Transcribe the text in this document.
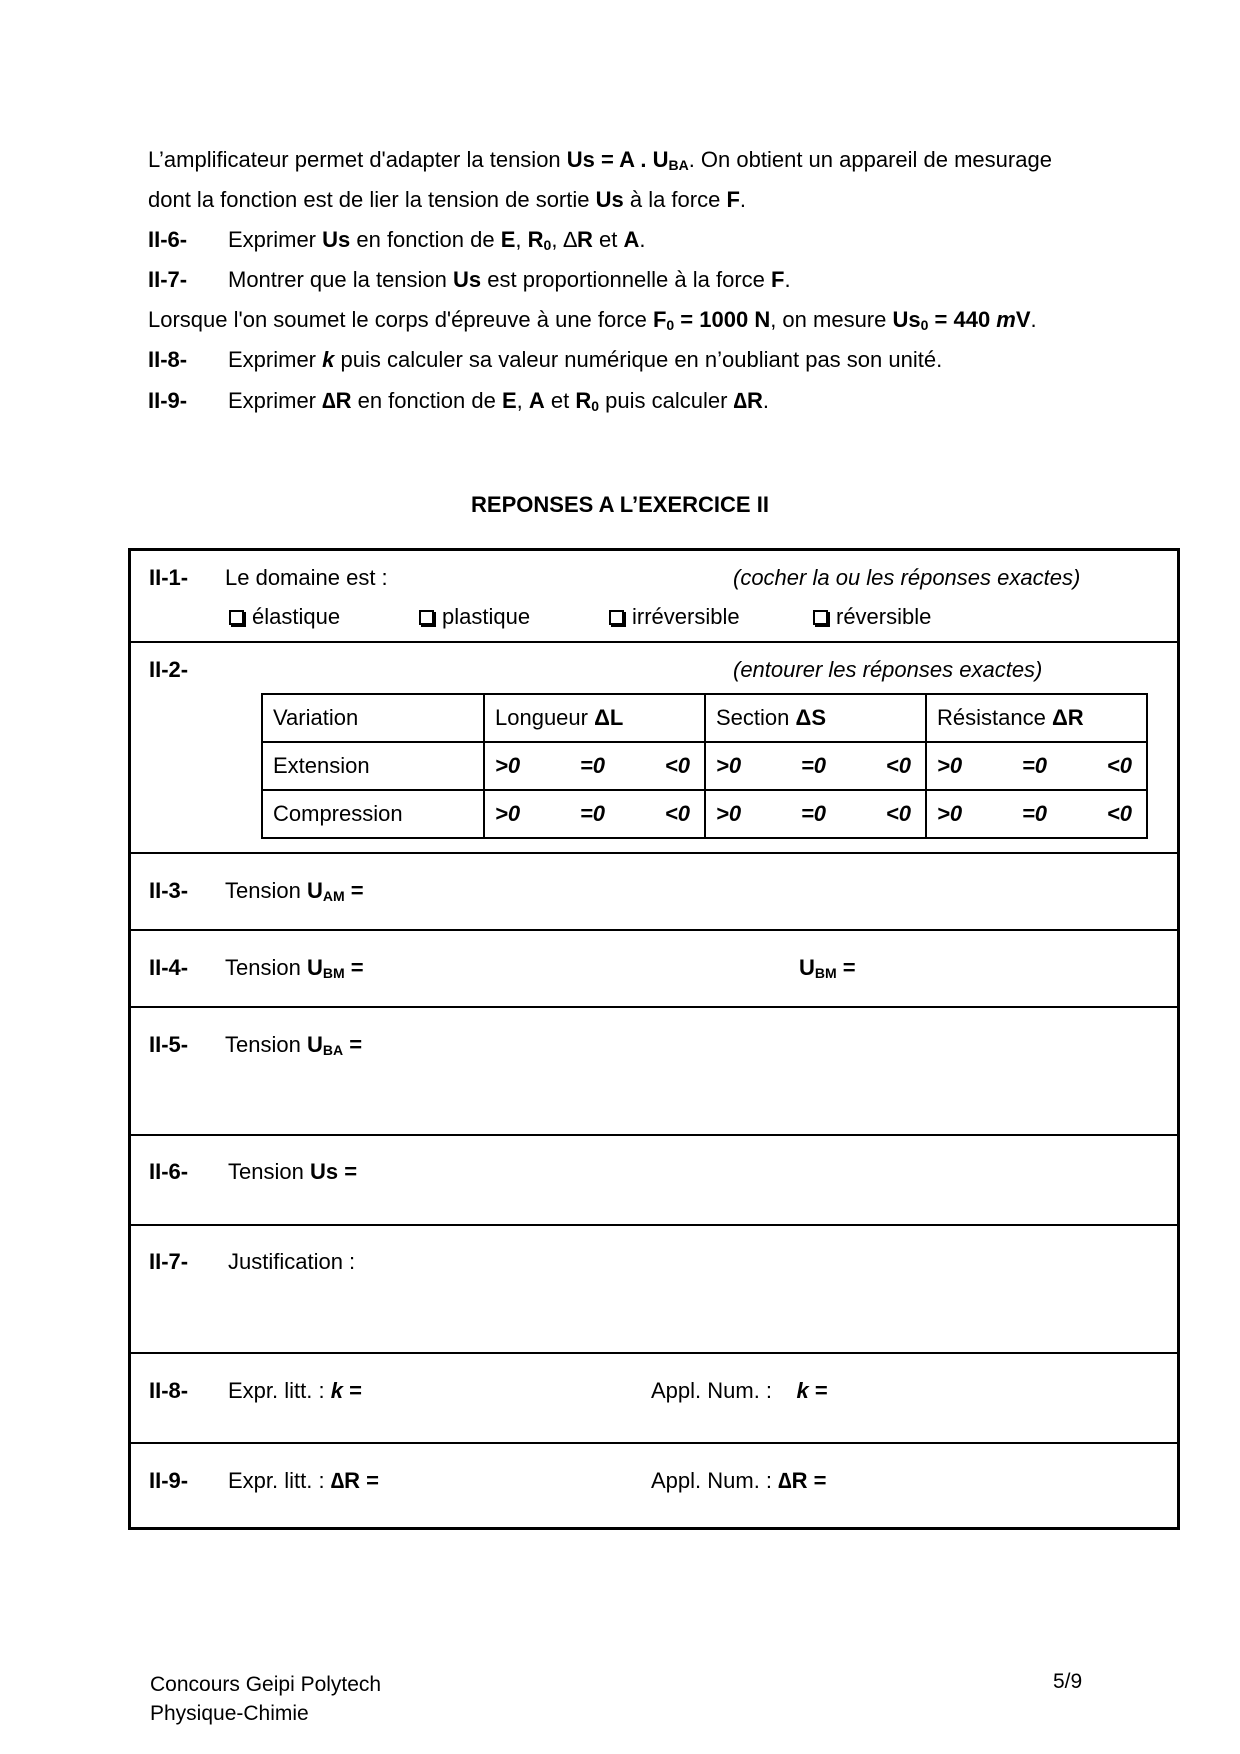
L’amplificateur permet d'adapter la tension Us = A . $U_{BA}$. On obtient un appareil de mesurage
dont la fonction est de lier la tension de sortie Us à la force F.
II-6- Exprimer Us en fonction de E, $R_0$, ∆R et A.
II-7- Montrer que la tension Us est proportionnelle à la force F.
Lorsque l'on soumet le corps d'épreuve à une force $F_0 = 1000$ N, on mesure $Us_0 = 440$ mV.
II-8- Exprimer k puis calculer sa valeur numérique en n’oubliant pas son unité.
II-9- Exprimer ∆R en fonction de E, A et $R_0$ puis calculer ∆R.
REPONSES A L’EXERCICE II
II-1- Le domaine est :	(cocher la ou les réponses exactes)
élastique	plastique	irréversible	réversible
II-2-	(entourer les réponses exactes)
Variation	Longueur ΔL	Section ΔS	Résistance ΔR
Extension	>0 =0 <0	>0 =0 <0	>0 =0 <0

Compression	>0 =0 <0	>0 =0 <0	>0 =0 <0
II-3- Tension $U_{AM}$ =
II-4- Tension $U_{BM}$ =	$U_{BM}$ =
II-5- Tension $U_{BA}$ =
II-6- Tension Us =
II-7- Justification :
II-8- Expr. litt. : k =	Appl. Num. :    k =
II-9- Expr. litt. : ∆R =	Appl. Num. : ∆R =
Concours Geipi Polytech
Physique-Chimie
5/9
